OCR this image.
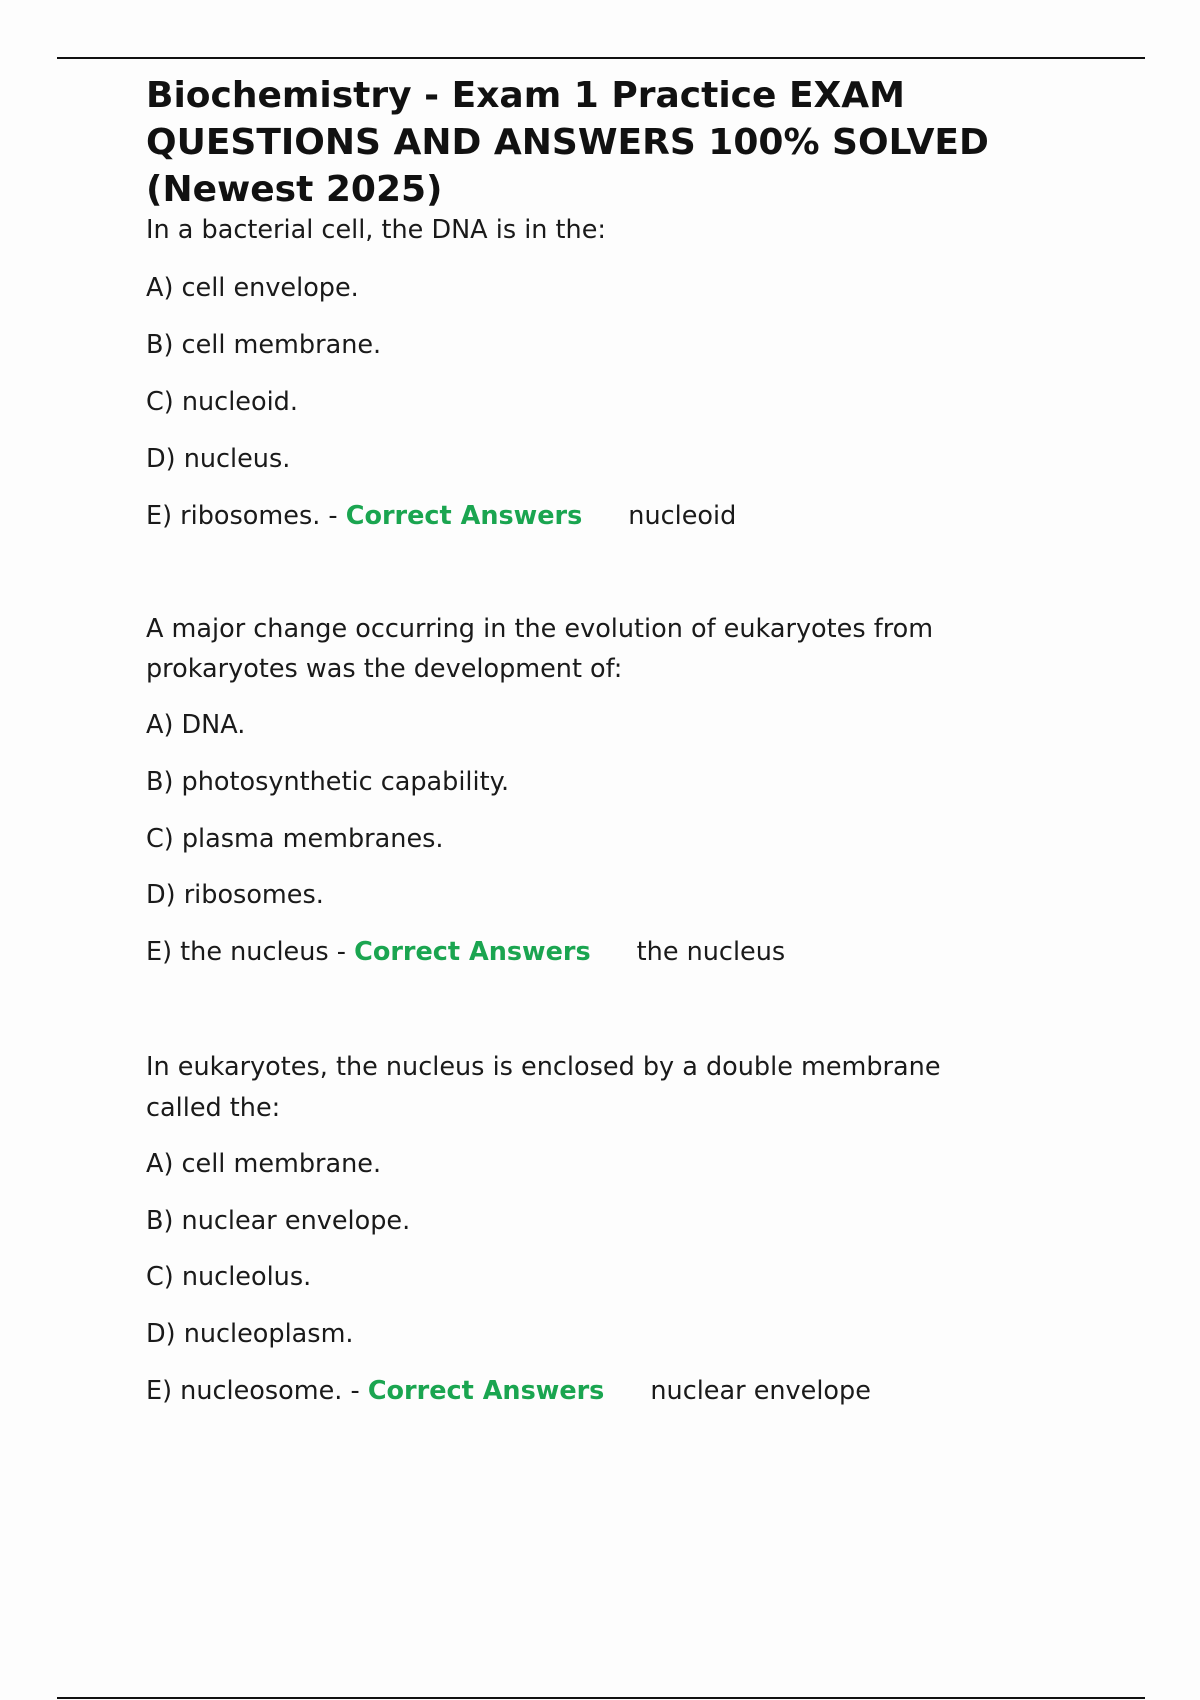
Biochemistry - Exam 1 Practice EXAM QUESTIONS AND ANSWERS 100% SOLVED (Newest 2025)
In a bacterial cell, the DNA is in the:
A) cell envelope.
B) cell membrane.
C) nucleoid.
D) nucleus.
E) ribosomes. - Correct Answers nucleoid
A major change occurring in the evolution of eukaryotes from
prokaryotes was the development of:
A) DNA.
B) photosynthetic capability.
C) plasma membranes.
D) ribosomes.
E) the nucleus - Correct Answers the nucleus
In eukaryotes, the nucleus is enclosed by a double membrane
called the:
A) cell membrane.
B) nuclear envelope.
C) nucleolus.
D) nucleoplasm.
E) nucleosome. - Correct Answers nuclear envelope
